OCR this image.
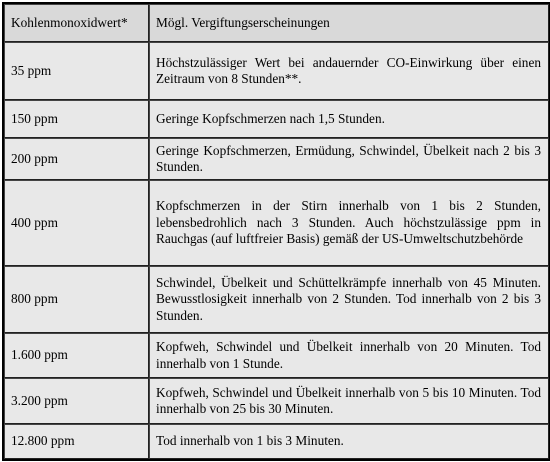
Kohlenmonoxidwert*	Mögl. Vergiftungserscheinungen
35 ppm	Höchstzulässiger Wert bei andauernder CO-Einwirkung über einen Zeitraum von 8 Stunden**.
150 ppm	Geringe Kopfschmerzen nach 1,5 Stunden.
200 ppm	Geringe Kopfschmerzen, Ermüdung, Schwindel, Übelkeit nach 2 bis 3 Stunden.
400 ppm	Kopfschmerzen in der Stirn innerhalb von 1 bis 2 Stunden, lebensbedrohlich nach 3 Stunden. Auch höchstzulässige ppm in Rauchgas (auf luftfreier Basis) gemäß der US-Umweltschutzbehörde
800 ppm	Schwindel, Übelkeit und Schüttelkrämpfe innerhalb von 45 Minuten. Bewusstlosigkeit innerhalb von 2 Stunden. Tod innerhalb von 2 bis 3 Stunden.
1.600 ppm	Kopfweh, Schwindel und Übelkeit innerhalb von 20 Minuten. Tod innerhalb von 1 Stunde.
3.200 ppm	Kopfweh, Schwindel und Übelkeit innerhalb von 5 bis 10 Minuten. Tod innerhalb von 25 bis 30 Minuten.
12.800 ppm	Tod innerhalb von 1 bis 3 Minuten.
